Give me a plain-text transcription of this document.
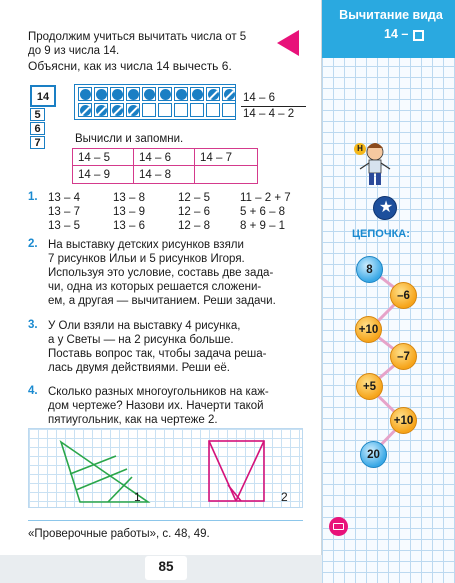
Вычитание вида
14 –
Продолжим учиться вычитать числа от 5
до 9 из числа 14.
Объясни, как из числа 14 вычесть 6.
14
5
6
7
14 – 6
14 – 4 – 2
Вычисли и запомни.
14 – 5	14 – 6	14 – 7
14 – 9	14 – 8
1. 13 – 4	13 – 8	12 – 5	11 – 2 + 7
13 – 7	13 – 9	12 – 6	5 + 6 – 8
13 – 5	13 – 6	12 – 8	8 + 9 – 1
2. На выставку детских рисунков взяли
7 рисунков Ильи и 5 рисунков Игоря.
Используя это условие, составь две зада-
чи, одна из которых решается сложени-
ем, а другая — вычитанием. Реши задачи.
3. У Оли взяли на выставку 4 рисунка,
а у Светы — на 2 рисунка больше.
Поставь вопрос так, чтобы задача реша-
лась двумя действиями. Реши её.
4. Сколько разных многоугольников на каж-
дом чертеже? Назови их. Начерти такой
пятиугольник, как на чертеже 2.
1	2
«Проверочные работы», с. 48, 49.
85
Н
★
ЦЕПОЧКА:
8
–6
+10
–7
+5
+10
20
